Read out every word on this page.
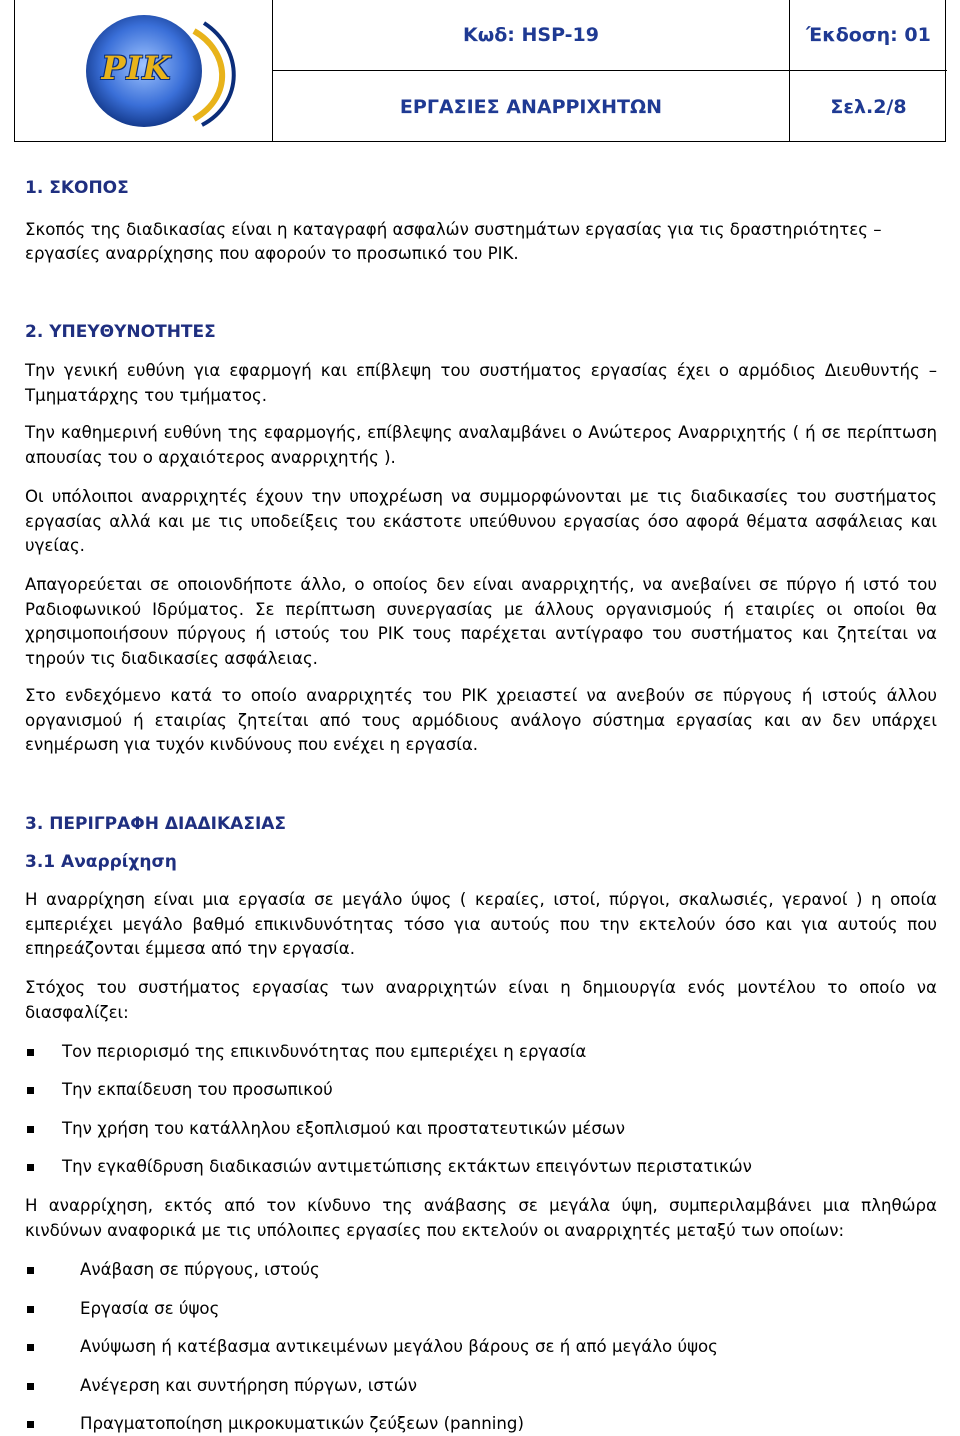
ΡΙΚ
Κωδ: HSP-19	Έκδοση: 01
ΕΡΓΑΣΙΕΣ ΑΝΑΡΡΙΧΗΤΩΝ	Σελ.2/8
1. ΣΚΟΠΟΣ
Σκοπός της διαδικασίας είναι η καταγραφή ασφαλών συστημάτων εργασίας για τις δραστηριότητες –
εργασίες αναρρίχησης που αφορούν το προσωπικό του ΡΙΚ.
2. ΥΠΕΥΘΥΝΟΤΗΤΕΣ
Την γενική ευθύνη για εφαρμογή και επίβλεψη του συστήματος εργασίας έχει ο αρμόδιος Διευθυντής – Τμηματάρχης του τμήματος.
Την καθημερινή ευθύνη της εφαρμογής, επίβλεψης αναλαμβάνει ο Ανώτερος Αναρριχητής ( ή σε περίπτωση απουσίας του ο αρχαιότερος αναρριχητής ).
Οι υπόλοιποι αναρριχητές έχουν την υποχρέωση να συμμορφώνονται με τις διαδικασίες του συστήματος εργασίας αλλά και με τις υποδείξεις του εκάστοτε υπεύθυνου εργασίας όσο αφορά θέματα ασφάλειας και υγείας.
Απαγορεύεται σε οποιονδήποτε άλλο, ο οποίος δεν είναι αναρριχητής, να ανεβαίνει σε πύργο ή ιστό του Ραδιοφωνικού Ιδρύματος. Σε περίπτωση συνεργασίας με άλλους οργανισμούς ή εταιρίες οι οποίοι θα χρησιμοποιήσουν πύργους ή ιστούς του ΡΙΚ τους παρέχεται αντίγραφο του συστήματος και ζητείται να τηρούν τις διαδικασίες ασφάλειας.
Στο ενδεχόμενο κατά το οποίο αναρριχητές του ΡΙΚ χρειαστεί να ανεβούν σε πύργους ή ιστούς άλλου οργανισμού ή εταιρίας ζητείται από τους αρμόδιους ανάλογο σύστημα εργασίας και αν δεν υπάρχει ενημέρωση για τυχόν κινδύνους που ενέχει η εργασία.
3. ΠΕΡΙΓΡΑΦΗ ΔΙΑΔΙΚΑΣΙΑΣ
3.1 Αναρρίχηση
Η αναρρίχηση είναι μια εργασία σε μεγάλο ύψος ( κεραίες, ιστοί, πύργοι, σκαλωσιές, γερανοί ) η οποία εμπεριέχει μεγάλο βαθμό επικινδυνότητας τόσο για αυτούς που την εκτελούν όσο και για αυτούς που επηρεάζονται έμμεσα από την εργασία.
Στόχος του συστήματος εργασίας των αναρριχητών είναι η δημιουργία ενός μοντέλου το οποίο να διασφαλίζει:
Τον περιορισμό της επικινδυνότητας που εμπεριέχει η εργασία
Την εκπαίδευση του προσωπικού
Την χρήση του κατάλληλου εξοπλισμού και προστατευτικών μέσων
Την εγκαθίδρυση διαδικασιών αντιμετώπισης εκτάκτων επειγόντων περιστατικών
Η αναρρίχηση, εκτός από τον κίνδυνο της ανάβασης σε μεγάλα ύψη, συμπεριλαμβάνει μια πληθώρα κινδύνων αναφορικά με τις υπόλοιπες εργασίες που εκτελούν οι αναρριχητές μεταξύ των οποίων:
Ανάβαση σε πύργους, ιστούς
Εργασία σε ύψος
Ανύψωση ή κατέβασμα αντικειμένων μεγάλου βάρους σε ή από μεγάλο ύψος
Ανέγερση και συντήρηση πύργων, ιστών
Πραγματοποίηση μικροκυματικών ζεύξεων (panning)
